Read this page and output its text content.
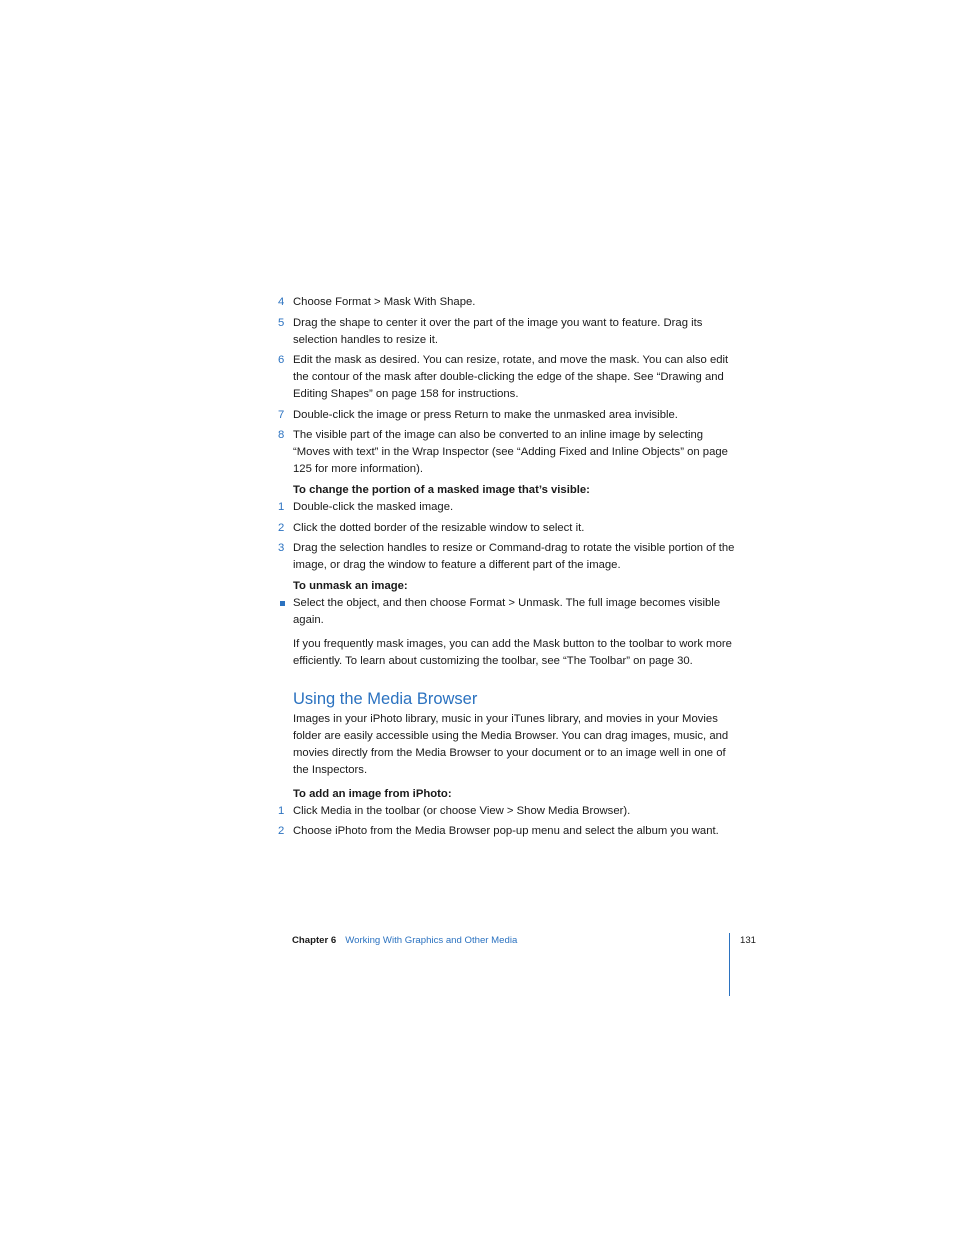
4 Choose Format > Mask With Shape.
5 Drag the shape to center it over the part of the image you want to feature. Drag its selection handles to resize it.
6 Edit the mask as desired. You can resize, rotate, and move the mask. You can also edit the contour of the mask after double-clicking the edge of the shape. See “Drawing and Editing Shapes” on page 158 for instructions.
7 Double-click the image or press Return to make the unmasked area invisible.
8 The visible part of the image can also be converted to an inline image by selecting “Moves with text” in the Wrap Inspector (see “Adding Fixed and Inline Objects” on page 125 for more information).
To change the portion of a masked image that’s visible:
1 Double-click the masked image.
2 Click the dotted border of the resizable window to select it.
3 Drag the selection handles to resize or Command-drag to rotate the visible portion of the image, or drag the window to feature a different part of the image.
To unmask an image:
Select the object, and then choose Format > Unmask. The full image becomes visible again.

If you frequently mask images, you can add the Mask button to the toolbar to work more efficiently. To learn about customizing the toolbar, see “The Toolbar” on page 30.

Using the Media Browser

Images in your iPhoto library, music in your iTunes library, and movies in your Movies folder are easily accessible using the Media Browser. You can drag images, music, and movies directly from the Media Browser to your document or to an image well in one of the Inspectors.

To add an image from iPhoto:
1 Click Media in the toolbar (or choose View > Show Media Browser).
2 Choose iPhoto from the Media Browser pop-up menu and select the album you want.
Chapter 6 Working With Graphics and Other Media	131
